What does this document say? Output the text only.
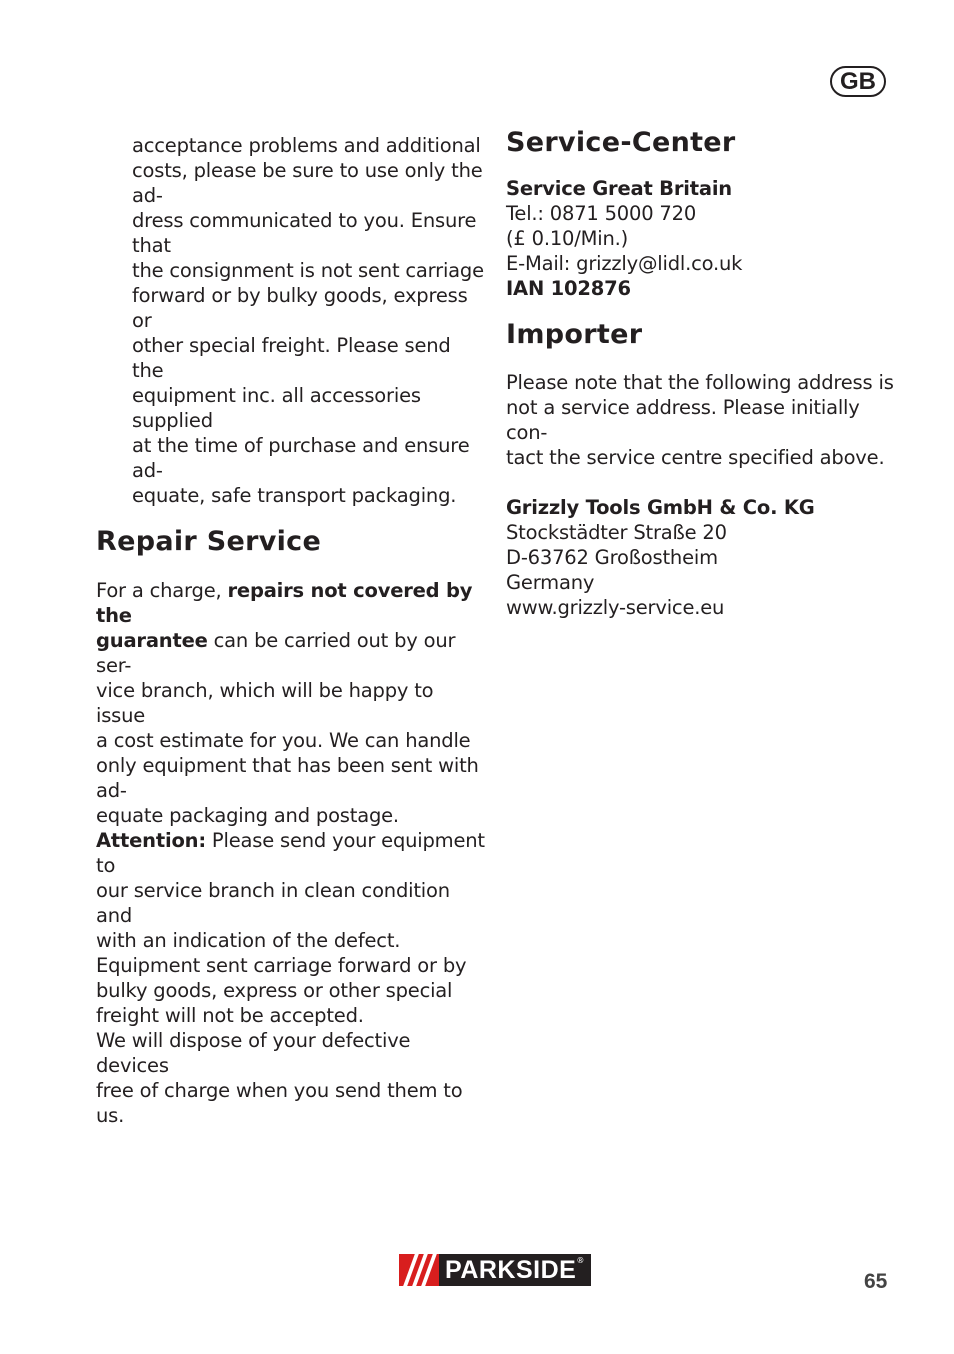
GB

acceptance problems and additional

costs, please be sure to use only the ad-

dress communicated to you. Ensure that

the consignment is not sent carriage

forward or by bulky goods, express or

other special freight. Please send the

equipment inc. all accessories supplied

at the time of purchase and ensure ad-

equate, safe transport packaging.

Repair Service

For a charge, repairs not covered by the

guarantee can be carried out by our ser-

vice branch, which will be happy to issue

a cost estimate for you. We can handle

only equipment that has been sent with ad-

equate packaging and postage.

Attention: Please send your equipment to

our service branch in clean condition and

with an indication of the defect.

Equipment sent carriage forward or by

bulky goods, express or other special

freight will not be accepted.

We will dispose of your defective devices

free of charge when you send them to us.

Service-Center

Service Great Britain

Tel.: 0871 5000 720

(£ 0.10/Min.)

E-Mail: grizzly@lidl.co.uk

IAN 102876

Importer

Please note that the following address is

not a service address. Please initially con-

tact the service centre specified above.

Grizzly Tools GmbH & Co. KG

Stockstädter Straße 20

D-63762 Großostheim

Germany

www.grizzly-service.eu

PARKSIDE ®
65
